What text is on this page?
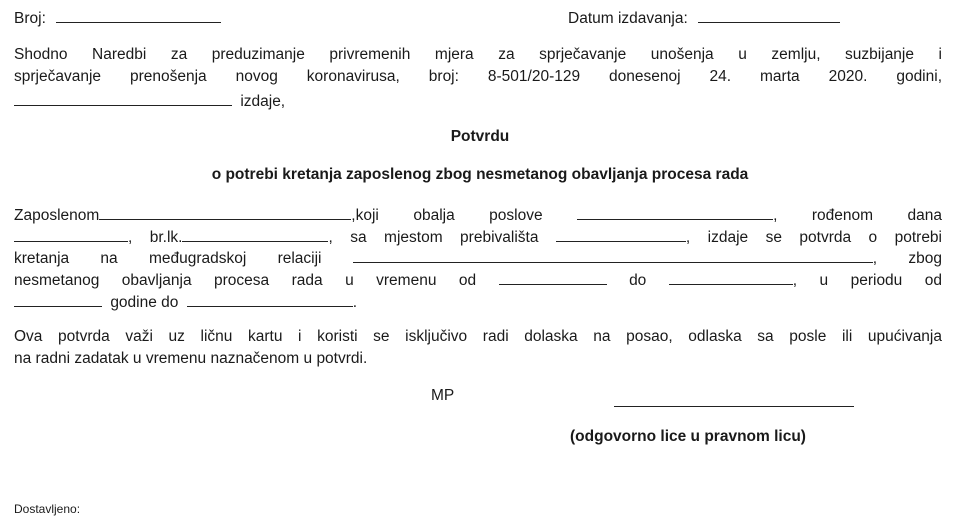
Broj:	Datum izdavanja:
Shodno Naredbi za preduzimanje privremenih mjera za sprječavanje unošenja u zemlju, suzbijanje i
sprječavanje prenošenja novog koronavirusa, broj: 8-501/20-129 donesenoj 24. marta 2020. godini,
izdaje,
Potvrdu
o potrebi kretanja zaposlenog zbog nesmetanog obavljanja procesa rada
Zaposlenom	,koji obalja poslove	, rođenom dana
, br.lk.	, sa mjestom prebivališta	, izdaje se potvrda o potrebi
kretanja na međugradskoj relaciji	, zbog
nesmetanog obavljanja procesa rada u vremenu od	do	, u periodu od
godine do	.
Ova potvrda važi uz ličnu kartu i koristi se isključivo radi dolaska na posao, odlaska sa posle ili upućivanja
na radni zadatak u vremenu naznačenom u potvrdi.
MP
(odgovorno lice u pravnom licu)
Dostavljeno:
